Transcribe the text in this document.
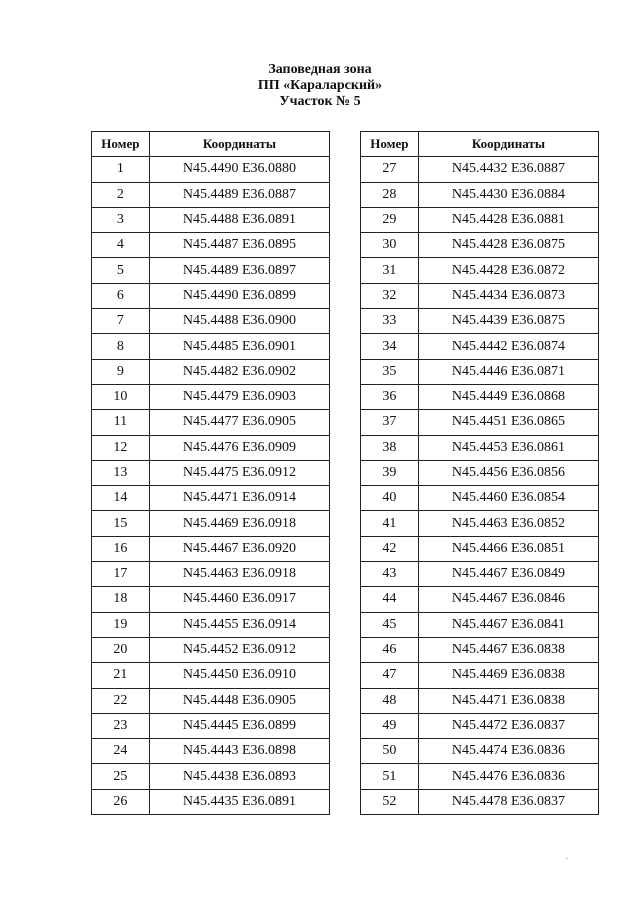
Заповедная зона
ПП «Караларский»
Участок № 5
Номер	Координаты
1	N45.4490 E36.0880
2	N45.4489 E36.0887
3	N45.4488 E36.0891
4	N45.4487 E36.0895
5	N45.4489 E36.0897
6	N45.4490 E36.0899
7	N45.4488 E36.0900
8	N45.4485 E36.0901
9	N45.4482 E36.0902
10	N45.4479 E36.0903
11	N45.4477 E36.0905
12	N45.4476 E36.0909
13	N45.4475 E36.0912
14	N45.4471 E36.0914
15	N45.4469 E36.0918
16	N45.4467 E36.0920
17	N45.4463 E36.0918
18	N45.4460 E36.0917
19	N45.4455 E36.0914
20	N45.4452 E36.0912
21	N45.4450 E36.0910
22	N45.4448 E36.0905
23	N45.4445 E36.0899
24	N45.4443 E36.0898
25	N45.4438 E36.0893
26	N45.4435 E36.0891
Номер	Координаты
27	N45.4432 E36.0887
28	N45.4430 E36.0884
29	N45.4428 E36.0881
30	N45.4428 E36.0875
31	N45.4428 E36.0872
32	N45.4434 E36.0873
33	N45.4439 E36.0875
34	N45.4442 E36.0874
35	N45.4446 E36.0871
36	N45.4449 E36.0868
37	N45.4451 E36.0865
38	N45.4453 E36.0861
39	N45.4456 E36.0856
40	N45.4460 E36.0854
41	N45.4463 E36.0852
42	N45.4466 E36.0851
43	N45.4467 E36.0849
44	N45.4467 E36.0846
45	N45.4467 E36.0841
46	N45.4467 E36.0838
47	N45.4469 E36.0838
48	N45.4471 E36.0838
49	N45.4472 E36.0837
50	N45.4474 E36.0836
51	N45.4476 E36.0836
52	N45.4478 E36.0837
